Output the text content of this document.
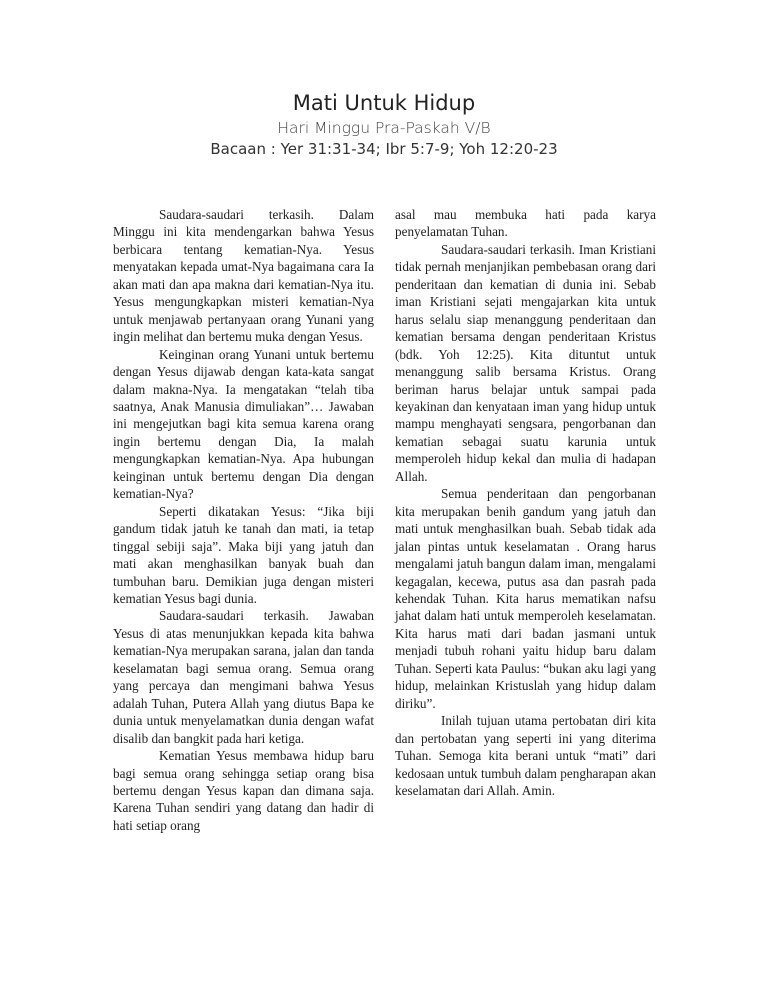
Mati Untuk Hidup
Hari Minggu Pra-Paskah V/B
Bacaan : Yer 31:31-34; Ibr 5:7-9; Yoh 12:20-23

Saudara-saudari terkasih. Dalam Minggu ini kita mendengarkan bahwa Yesus berbicara tentang kematian-Nya. Yesus menyatakan kepada umat-Nya bagaimana cara Ia akan mati dan apa makna dari kematian-Nya itu. Yesus mengungkapkan misteri kematian-Nya untuk menjawab pertanyaan orang Yunani yang ingin melihat dan bertemu muka dengan Yesus.

Keinginan orang Yunani untuk bertemu dengan Yesus dijawab dengan kata-kata sangat dalam makna-Nya. Ia mengatakan “telah tiba saatnya, Anak Manusia dimuliakan”… Jawaban ini mengejutkan bagi kita semua karena orang ingin bertemu dengan Dia, Ia malah mengungkapkan kematian-Nya. Apa hubungan keinginan untuk bertemu dengan Dia dengan kematian-Nya?

Seperti dikatakan Yesus: “Jika biji gandum tidak jatuh ke tanah dan mati, ia tetap tinggal sebiji saja”. Maka biji yang jatuh dan mati akan menghasilkan banyak buah dan tumbuhan baru. Demikian juga dengan misteri kematian Yesus bagi dunia.

Saudara-saudari terkasih. Jawaban Yesus di atas menunjukkan kepada kita bahwa kematian-Nya merupakan sarana, jalan dan tanda keselamatan bagi semua orang. Semua orang yang percaya dan mengimani bahwa Yesus adalah Tuhan, Putera Allah yang diutus Bapa ke dunia untuk menyelamatkan dunia dengan wafat disalib dan bangkit pada hari ketiga.

Kematian Yesus membawa hidup baru bagi semua orang sehingga setiap orang bisa bertemu dengan Yesus kapan dan dimana saja. Karena Tuhan sendiri yang datang dan hadir di hati setiap orang

asal mau membuka hati pada karya penyelamatan Tuhan.

Saudara-saudari terkasih. Iman Kristiani tidak pernah menjanjikan pembebasan orang dari penderitaan dan kematian di dunia ini. Sebab iman Kristiani sejati mengajarkan kita untuk harus selalu siap menanggung penderitaan dan kematian bersama dengan penderitaan Kristus (bdk. Yoh 12:25). Kita dituntut untuk menanggung salib bersama Kristus. Orang beriman harus belajar untuk sampai pada keyakinan dan kenyataan iman yang hidup untuk mampu menghayati sengsara, pengorbanan dan kematian sebagai suatu karunia untuk memperoleh hidup kekal dan mulia di hadapan Allah.

Semua penderitaan dan pengorbanan kita merupakan benih gandum yang jatuh dan mati untuk menghasilkan buah. Sebab tidak ada jalan pintas untuk keselamatan . Orang harus mengalami jatuh bangun dalam iman, mengalami kegagalan, kecewa, putus asa dan pasrah pada kehendak Tuhan. Kita harus mematikan nafsu jahat dalam hati untuk memperoleh keselamatan. Kita harus mati dari badan jasmani untuk menjadi tubuh rohani yaitu hidup baru dalam Tuhan. Seperti kata Paulus: “bukan aku lagi yang hidup, melainkan Kristuslah yang hidup dalam diriku”.

Inilah tujuan utama pertobatan diri kita dan pertobatan yang seperti ini yang diterima Tuhan. Semoga kita berani untuk “mati” dari kedosaan untuk tumbuh dalam pengharapan akan keselamatan dari Allah. Amin.
